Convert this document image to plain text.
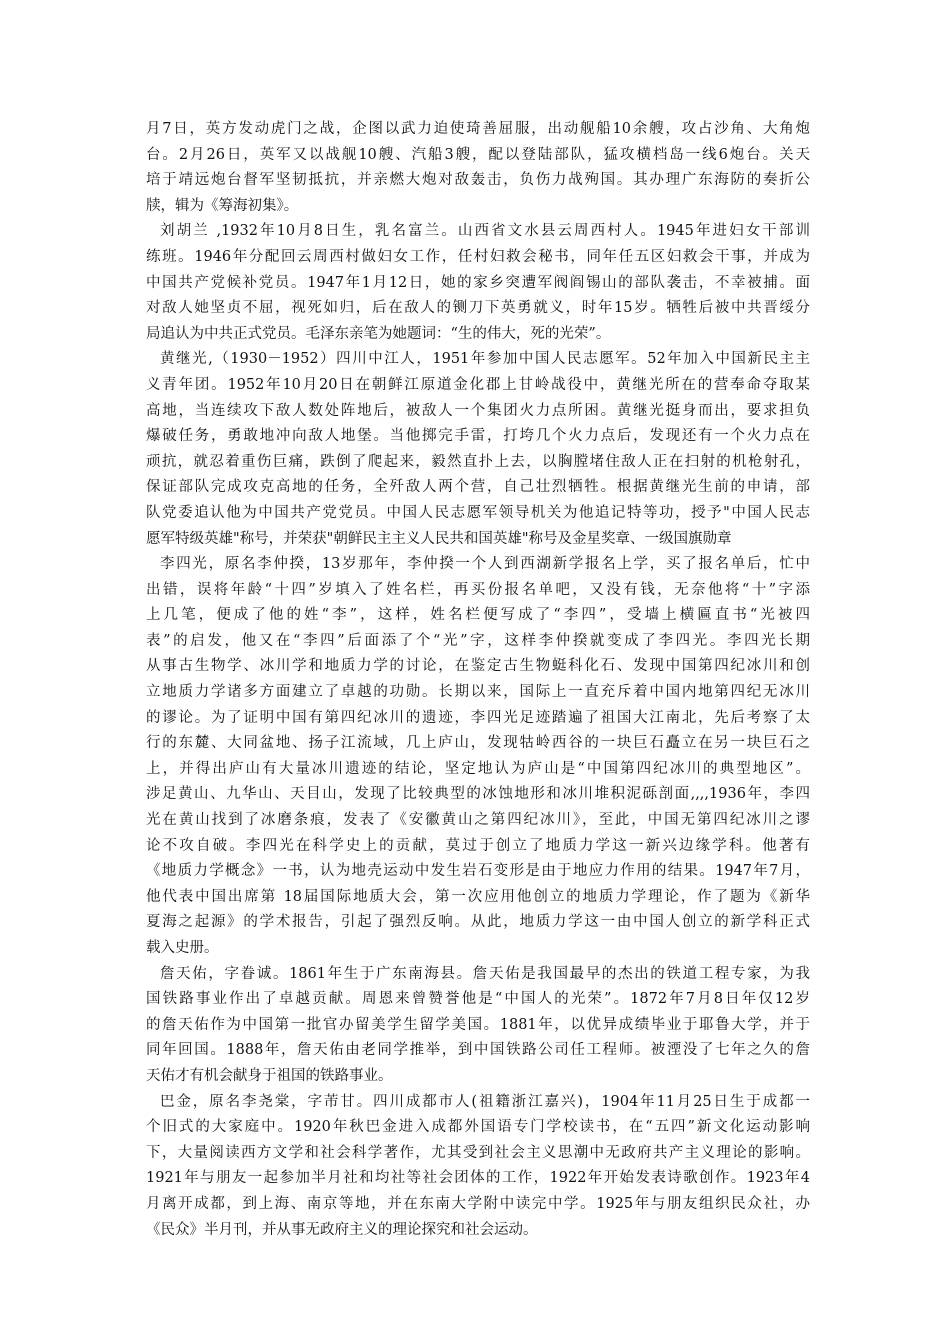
月7日，英方发动虎门之战，企图以武力迫使琦善屈服，出动舰船10余艘，攻占沙角、大角炮
台。2月26日，英军又以战舰10艘、汽船3艘，配以登陆部队，猛攻横档岛一线6炮台。关天
培于靖远炮台督军坚韧抵抗，并亲燃大炮对敌轰击，负伤力战殉国。其办理广东海防的奏折公
牍，辑为《筹海初集》。
刘胡兰 ,1932年10月8日生，乳名富兰。山西省文水县云周西村人。1945年进妇女干部训
练班。1946年分配回云周西村做妇女工作，任村妇救会秘书，同年任五区妇救会干事，并成为
中国共产党候补党员。1947年1月12日，她的家乡突遭军阀阎锡山的部队袭击，不幸被捕。面
对敌人她坚贞不屈，视死如归，后在敌人的铡刀下英勇就义，时年15岁。牺牲后被中共晋绥分
局追认为中共正式党员。毛泽东亲笔为她题词：“生的伟大，死的光荣”。
黄继光,（1930－1952）四川中江人，1951年参加中国人民志愿军。52年加入中国新民主主
义青年团。1952年10月20日在朝鲜江原道金化郡上甘岭战役中，黄继光所在的营奉命夺取某
高地，当连续攻下敌人数处阵地后，被敌人一个集团火力点所困。黄继光挺身而出，要求担负
爆破任务，勇敢地冲向敌人地堡。当他掷完手雷，打垮几个火力点后，发现还有一个火力点在
顽抗，就忍着重伤巨痛，跌倒了爬起来，毅然直扑上去，以胸膛堵住敌人正在扫射的机枪射孔，
保证部队完成攻克高地的任务，全歼敌人两个营，自己壮烈牺牲。根据黄继光生前的申请，部
队党委追认他为中国共产党党员。中国人民志愿军领导机关为他追记特等功，授予"中国人民志
愿军特级英雄"称号，并荣获"朝鲜民主主义人民共和国英雄"称号及金星奖章、一级国旗勋章
李四光，原名李仲揆，13岁那年，李仲揆一个人到西湖新学报名上学，买了报名单后，忙中
出错，误将年龄“十四”岁填入了姓名栏，再买份报名单吧，又没有钱，无奈他将“十”字添
上几笔，便成了他的姓“李”，这样，姓名栏便写成了“李四”，受墙上横匾直书“光被四
表”的启发，他又在“李四”后面添了个“光”字，这样李仲揆就变成了李四光。李四光长期
从事古生物学、冰川学和地质力学的讨论，在鉴定古生物蜓科化石、发现中国第四纪冰川和创
立地质力学诸多方面建立了卓越的功勋。长期以来，国际上一直充斥着中国内地第四纪无冰川
的谬论。为了证明中国有第四纪冰川的遗迹，李四光足迹踏遍了祖国大江南北，先后考察了太
行的东麓、大同盆地、扬子江流域，几上庐山，发现牯岭西谷的一块巨石矗立在另一块巨石之
上，并得出庐山有大量冰川遗迹的结论，坚定地认为庐山是“中国第四纪冰川的典型地区”。
涉足黄山、九华山、天目山，发现了比较典型的冰蚀地形和冰川堆积泥砾剖面,,,,1936年，李四
光在黄山找到了冰磨条痕，发表了《安徽黄山之第四纪冰川》，至此，中国无第四纪冰川之谬
论不攻自破。李四光在科学史上的贡献，莫过于创立了地质力学这一新兴边缘学科。他著有
《地质力学概念》一书，认为地壳运动中发生岩石变形是由于地应力作用的结果。1947年7月，
他代表中国出席第 18届国际地质大会，第一次应用他创立的地质力学理论，作了题为《新华
夏海之起源》的学术报告，引起了强烈反响。从此，地质力学这一由中国人创立的新学科正式
载入史册。
詹天佑，字眷诚。1861年生于广东南海县。詹天佑是我国最早的杰出的铁道工程专家，为我
国铁路事业作出了卓越贡献。周恩来曾赞誉他是“中国人的光荣”。1872年7月8日年仅12岁
的詹天佑作为中国第一批官办留美学生留学美国。1881年，以优异成绩毕业于耶鲁大学，并于
同年回国。1888年，詹天佑由老同学推举，到中国铁路公司任工程师。被湮没了七年之久的詹
天佑才有机会献身于祖国的铁路事业。
巴金，原名李尧棠，字芾甘。四川成都市人(祖籍浙江嘉兴)，1904年11月25日生于成都一
个旧式的大家庭中。1920年秋巴金进入成都外国语专门学校读书，在“五四”新文化运动影响
下，大量阅读西方文学和社会科学著作，尤其受到社会主义思潮中无政府共产主义理论的影响。
1921年与朋友一起参加半月社和均社等社会团体的工作，1922年开始发表诗歌创作。1923年4
月离开成都，到上海、南京等地，并在东南大学附中读完中学。1925年与朋友组织民众社，办
《民众》半月刊，并从事无政府主义的理论探究和社会运动。
